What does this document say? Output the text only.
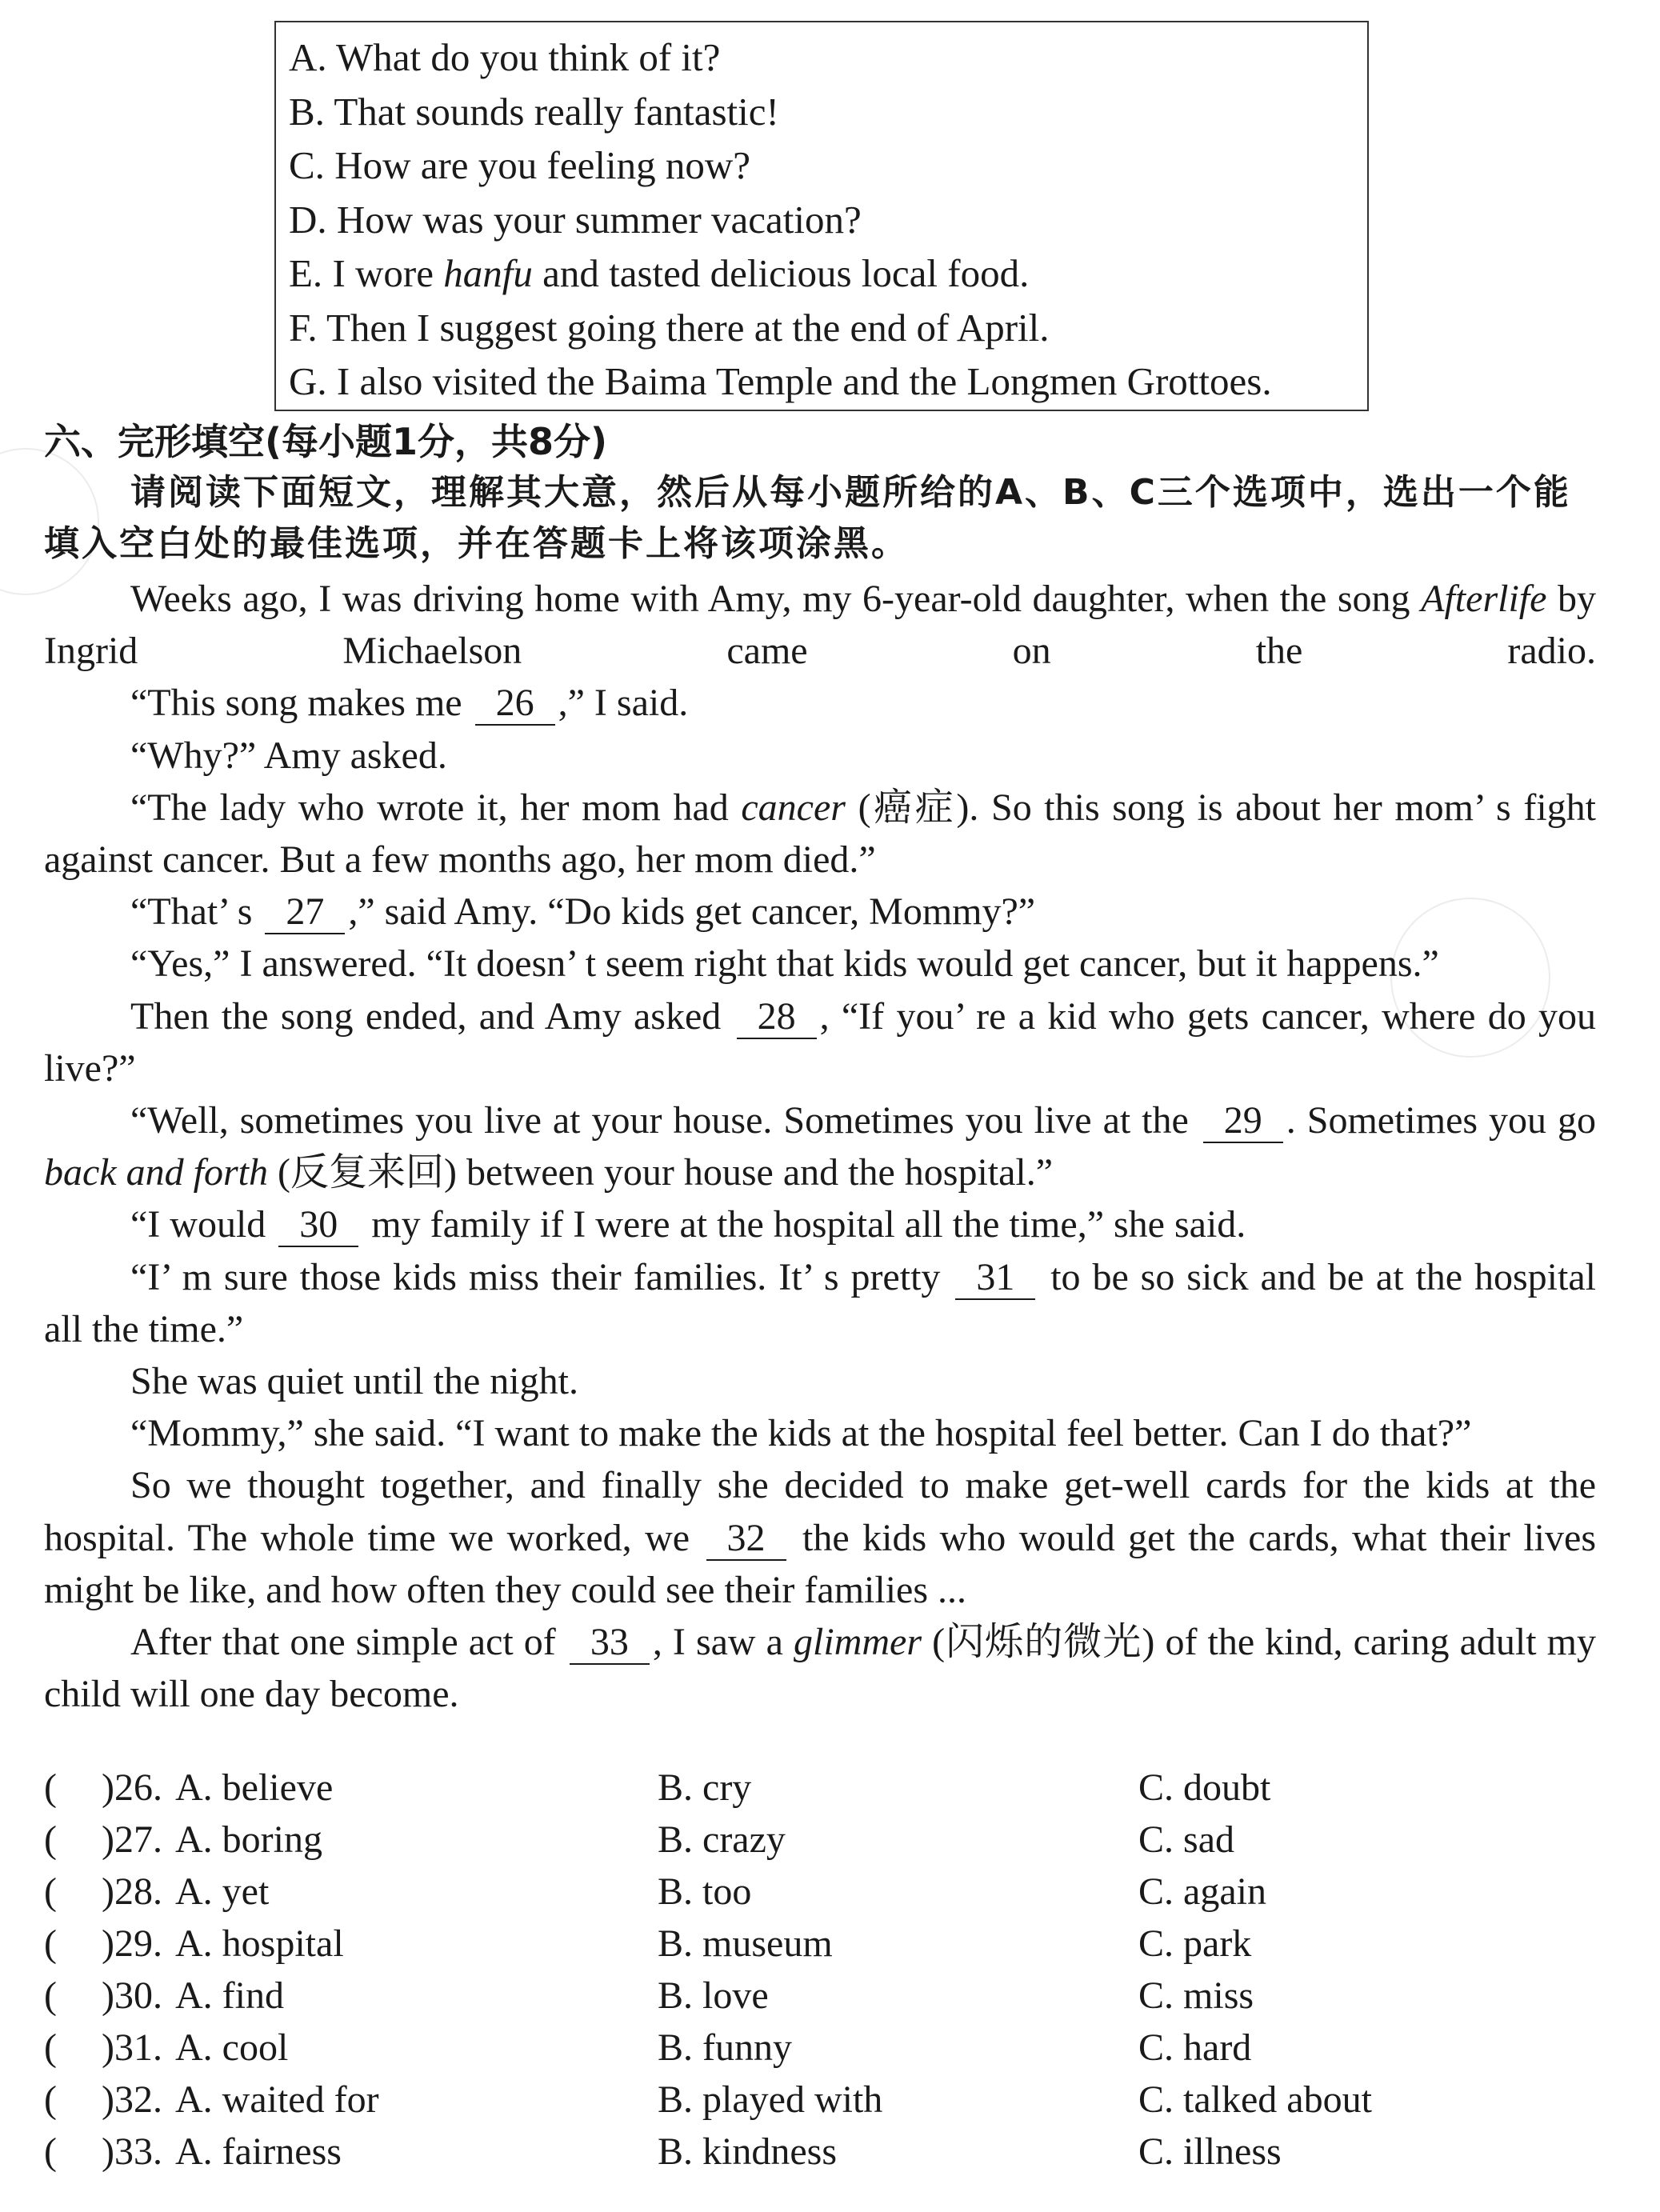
A. What do you think of it?
B. That sounds really fantastic!
C. How are you feeling now?
D. How was your summer vacation?
E. I wore hanfu and tasted delicious local food.
F. Then I suggest going there at the end of April.
G. I also visited the Baima Temple and the Longmen Grottoes.
六、完形填空(每小题1分，共8分)
请阅读下面短文，理解其大意，然后从每小题所给的A、B、C三个选项中，选出一个能填入空白处的最佳选项，并在答题卡上将该项涂黑。

Weeks ago, I was driving home with Amy, my 6-year-old daughter, when the song Afterlife by Ingrid Michaelson came on the radio.

“This song makes me 26 ,” I said.

“Why?” Amy asked.

“The lady who wrote it, her mom had cancer (癌症). So this song is about her mom’ s fight against cancer. But a few months ago, her mom died.”

“That’ s 27 ,” said Amy. “Do kids get cancer, Mommy?”

“Yes,” I answered. “It doesn’ t seem right that kids would get cancer, but it happens.”

Then the song ended, and Amy asked 28 , “If you’ re a kid who gets cancer, where do you live?”

“Well, sometimes you live at your house. Sometimes you live at the 29 . Sometimes you go back and forth (反复来回) between your house and the hospital.”

“I would 30 my family if I were at the hospital all the time,” she said.

“I’ m sure those kids miss their families. It’ s pretty 31 to be so sick and be at the hospital all the time.”

She was quiet until the night.

“Mommy,” she said. “I want to make the kids at the hospital feel better. Can I do that?”

So we thought together, and finally she decided to make get-well cards for the kids at the hospital. The whole time we worked, we 32 the kids who would get the cards, what their lives might be like, and how often they could see their families ...

After that one simple act of 33 , I saw a glimmer (闪烁的微光) of the kind, caring adult my child will one day become.

( )26. A. believe	B. cry	C. doubt
( )27. A. boring	B. crazy	C. sad
( )28. A. yet	B. too	C. again
( )29. A. hospital	B. museum	C. park
( )30. A. find	B. love	C. miss
( )31. A. cool	B. funny	C. hard
( )32. A. waited for	B. played with	C. talked about
( )33. A. fairness	B. kindness	C. illness
